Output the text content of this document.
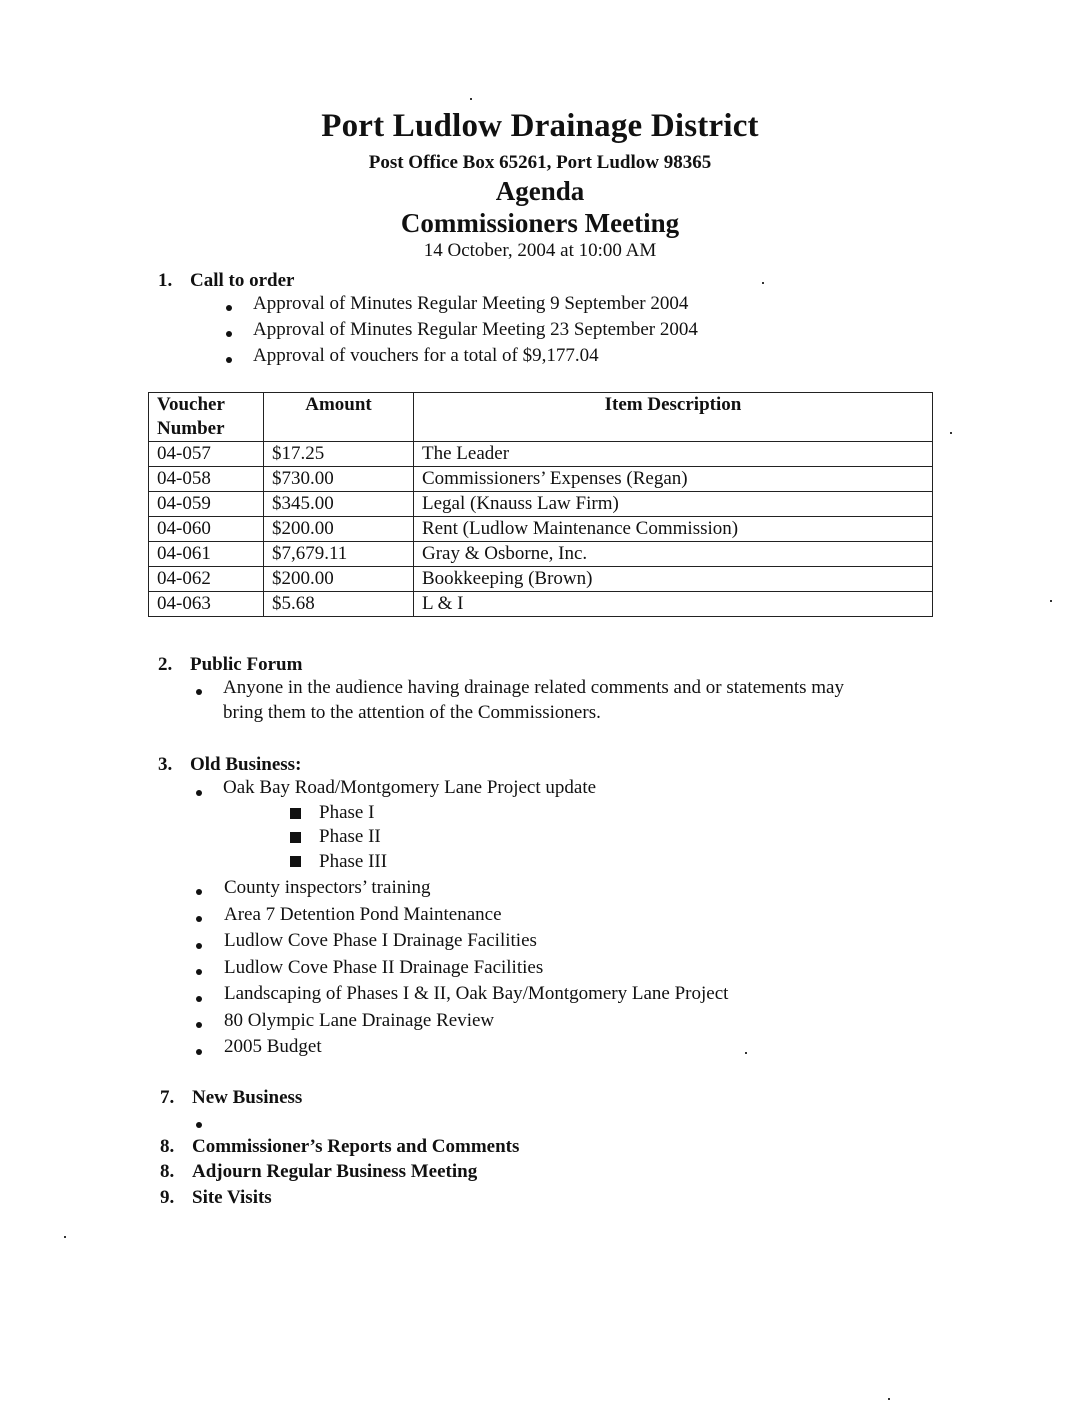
Port Ludlow Drainage District
Post Office Box 65261, Port Ludlow 98365
Agenda
Commissioners Meeting
14 October, 2004 at 10:00 AM
1. Call to order
Approval of Minutes Regular Meeting 9 September 2004
Approval of Minutes Regular Meeting 23 September 2004
Approval of vouchers for a total of $9,177.04
Voucher
Number	Amount	Item Description
04-057	$17.25	The Leader
04-058	$730.00	Commissioners’ Expenses (Regan)
04-059	$345.00	Legal (Knauss Law Firm)
04-060	$200.00	Rent (Ludlow Maintenance Commission)
04-061	$7,679.11	Gray & Osborne, Inc.
04-062	$200.00	Bookkeeping (Brown)
04-063	$5.68	L & I
2. Public Forum
Anyone in the audience having drainage related comments and or statements may
bring them to the attention of the Commissioners.
3. Old Business:
Oak Bay Road/Montgomery Lane Project update
Phase I
Phase II
Phase III
County inspectors’ training
Area 7 Detention Pond Maintenance
Ludlow Cove Phase I Drainage Facilities
Ludlow Cove Phase II Drainage Facilities
Landscaping of Phases I & II, Oak Bay/Montgomery Lane Project
80 Olympic Lane Drainage Review
2005 Budget
7. New Business
8. Commissioner’s Reports and Comments
8. Adjourn Regular Business Meeting
9. Site Visits
